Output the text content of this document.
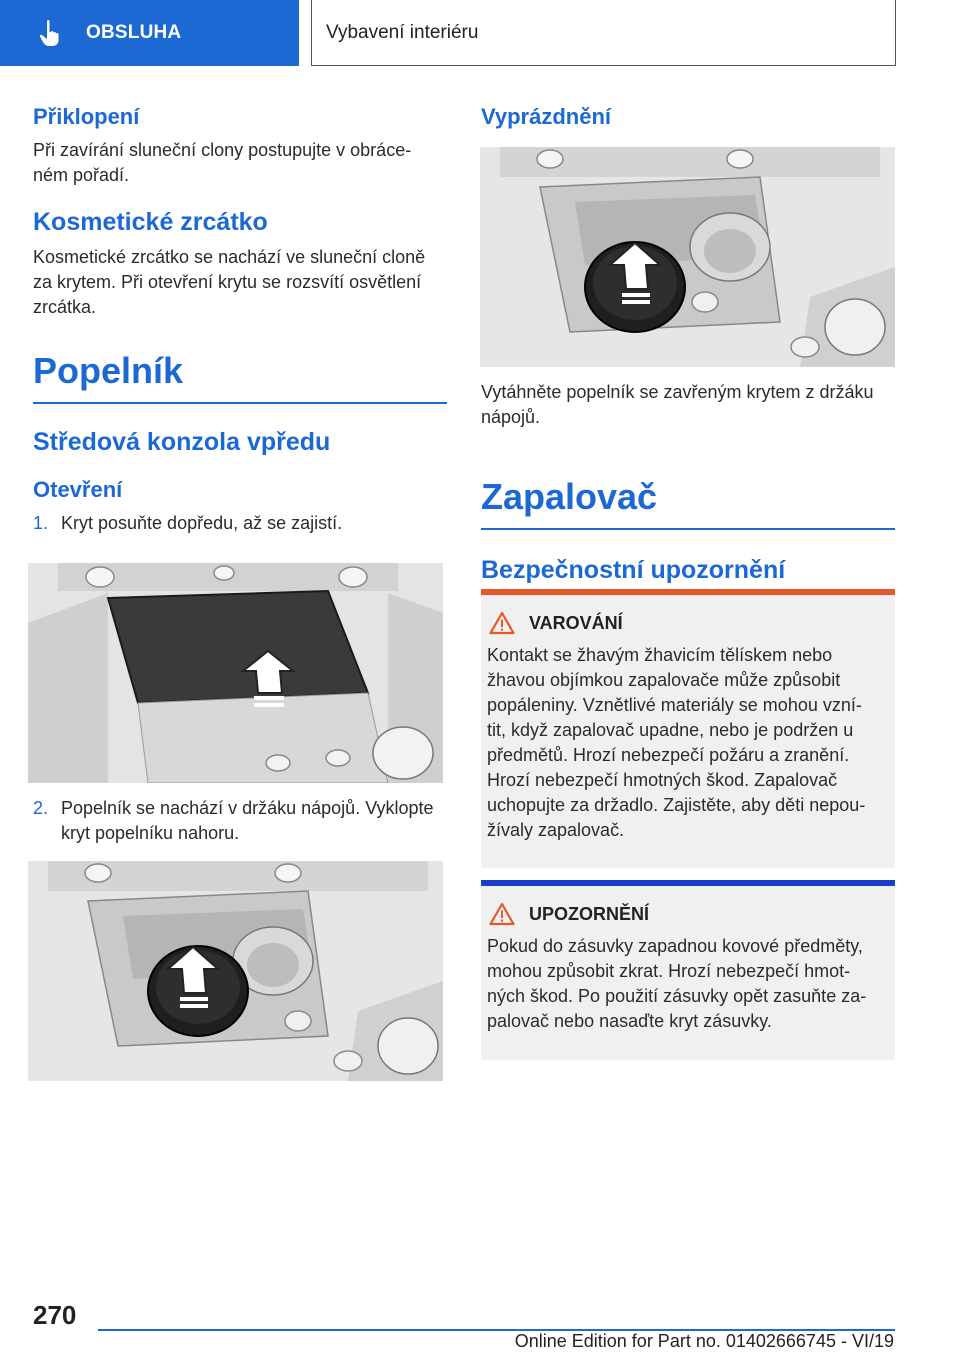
OBSLUHA	Vybavení interiéru
Přiklopení

Při zavírání sluneční clony postupujte v obráce‐ ném pořadí.

Kosmetické zrcátko

Kosmetické zrcátko se nachází ve sluneční cloně za krytem. Při otevření krytu se rozsvítí osvětlení zrcátka.

Popelník
Středová konzola vpředu
Otevření
1. Kryt posuňte dopředu, až se zajistí.
2. Popelník se nachází v držáku nápojů. Vyklopte kryt popelníku nahoru.
Vyprázdnění

Vytáhněte popelník se zavřeným krytem z držáku nápojů.

Zapalovač
Bezpečnostní upozornění
VAROVÁNÍ

Kontakt se žhavým žhavicím tělískem nebo žhavou objímkou zapalovače může způsobit popáleniny. Vznětlivé materiály se mohou vzní‐ tit, když zapalovač upadne, nebo je podržen u předmětů. Hrozí nebezpečí požáru a zranění. Hrozí nebezpečí hmotných škod. Zapalovač uchopujte za držadlo. Zajistěte, aby děti nepou‐ žívaly zapalovač.

UPOZORNĚNÍ

Pokud do zásuvky zapadnou kovové předměty, mohou způsobit zkrat. Hrozí nebezpečí hmot‐ ných škod. Po použití zásuvky opět zasuňte za‐ palovač nebo nasaďte kryt zásuvky.

270
Online Edition for Part no. 01402666745 - VI/19
